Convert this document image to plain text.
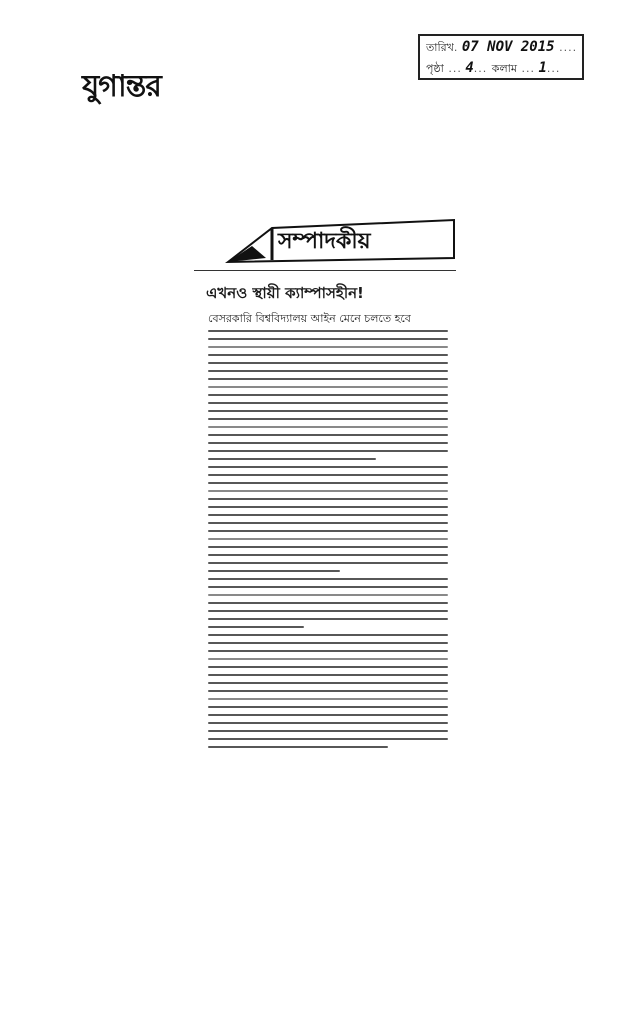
যুগান্তর
তারিখ. 07 NOV 2015 ....
পৃষ্ঠা ... 4... কলাম ... 1...
সম্পাদকীয়
এখনও স্থায়ী ক্যাম্পাসহীন!
বেসরকারি বিশ্ববিদ্যালয় আইন মেনে চলতে হবে
